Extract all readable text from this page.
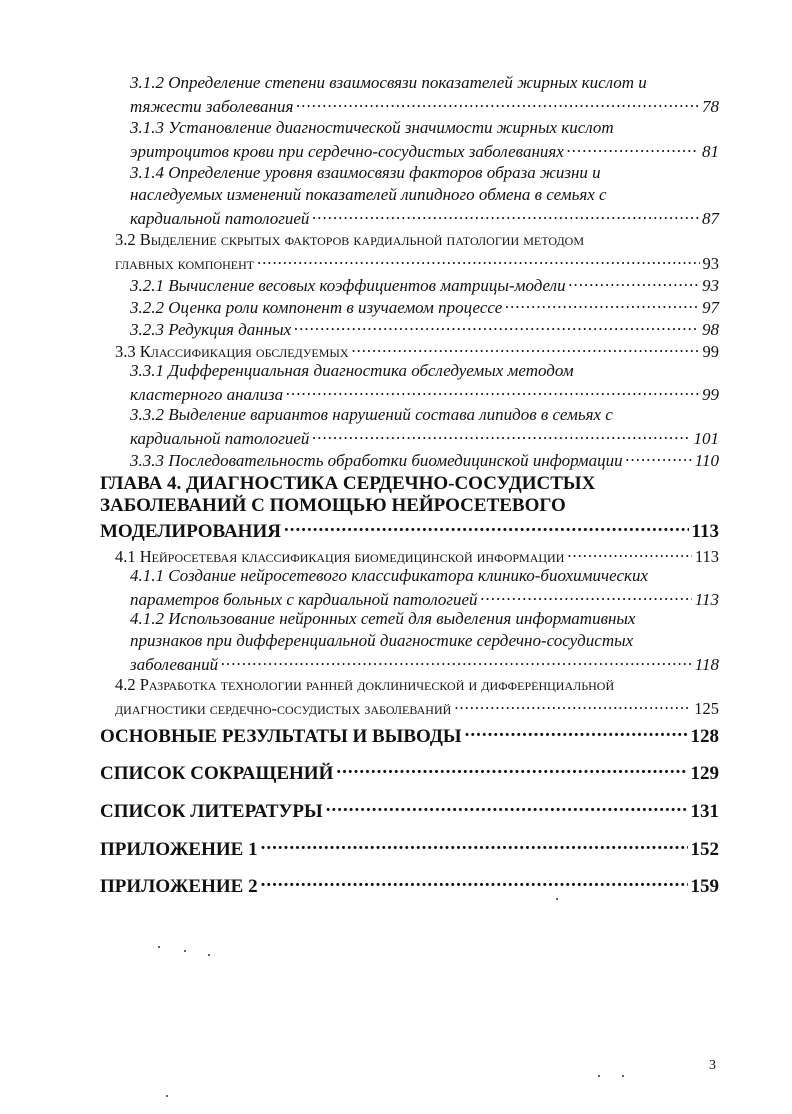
3.1.2 Определение степени взаимосвязи показателей жирных кислот и
тяжести заболевания .....	78
3.1.3 Установление диагностической значимости жирных кислот
эритроцитов крови при сердечно-сосудистых заболеваниях .....	81
3.1.4 Определение уровня взаимосвязи факторов образа жизни и
наследуемых изменений показателей липидного обмена в семьях с
кардиальной патологией .....	87
3.2 Выделение скрытых факторов кардиальной патологии методом
главных компонент .....	93
3.2.1 Вычисление весовых коэффициентов матрицы-модели .....	93
3.2.2 Оценка роли компонент в изучаемом процессе .....	97
3.2.3 Редукция данных .....	98
3.3 Классификация обследуемых .....	99
3.3.1 Дифференциальная диагностика обследуемых методом
кластерного анализа .....	99
3.3.2 Выделение вариантов нарушений состава липидов в семьях с
кардиальной патологией .....	101
3.3.3 Последовательность обработки биомедицинской информации .....	110
ГЛАВА 4. ДИАГНОСТИКА СЕРДЕЧНО-СОСУДИСТЫХ
ЗАБОЛЕВАНИЙ С ПОМОЩЬЮ НЕЙРОСЕТЕВОГО
МОДЕЛИРОВАНИЯ .....	113
4.1 Нейросетевая классификация биомедицинской информации .....	113
4.1.1 Создание нейросетевого классификатора клинико-биохимических
параметров больных с кардиальной патологией .....	113
4.1.2 Использование нейронных сетей для выделения информативных
признаков при дифференциальной диагностике сердечно-сосудистых
заболеваний .....	118
4.2 Разработка технологии ранней доклинической и дифференциальной
диагностики сердечно-сосудистых заболеваний .....	125
ОСНОВНЫЕ РЕЗУЛЬТАТЫ И ВЫВОДЫ .....	128
СПИСОК СОКРАЩЕНИЙ .....	129
СПИСОК ЛИТЕРАТУРЫ .....	131
ПРИЛОЖЕНИЕ 1 .....	152
ПРИЛОЖЕНИЕ 2 .....	159
3
